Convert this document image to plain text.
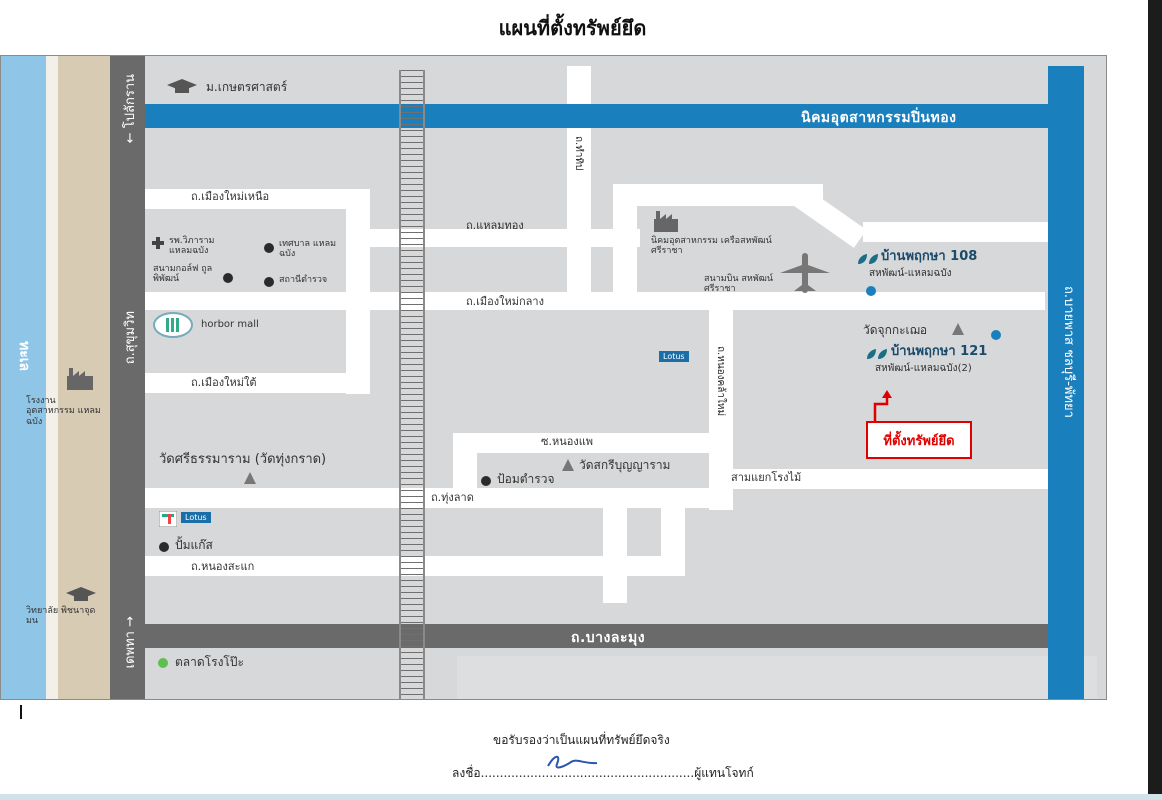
แผนที่ตั้งทรัพย์ยึด
← โปลักราน
ถ.สุขุมวิท
เดพทา →
นิคมอุตสาหกรรมปิ่นทอง
ถ.บายพาส ชลบุรี-พัทยา
ถ.บางละมุง
ถ.เมืองใหม่เหนือ
ถ.แหลมทอง
ถ.เมืองใหม่กลาง
ถ.เมืองใหม่ใต้
ถ.ทำทิป
ถ.หนองคล้าใหม่
ซ.หนองแพ
สามแยกโรงไม้
ถ.ทุ่งลาด
ถ.หนองสะแก
ม.เกษตรศาสตร์
รพ.วิภาราม แหลมฉบัง
เทศบาล แหลมฉบัง
สนามกอล์ฟ ถูลพิพัฒน์	สถานีตำรวจ
horbor mall
โรงงาน อุตสาหกรรม แหลมฉบัง
ทะเล
วัดศรีธรรมาราม (วัดทุ่งกราด)	วัดสกรีบุญญาราม
ป้อมตำรวจ
Lotus
ปั้มแก๊ส
วิทยาลัย พิชนาจุดมน
ตลาดโรงโป๊ะ
นิคมอุตสาหกรรม เครือสหพัฒน์ศรีราชา
สนามบิน สหพัฒน์ศรีราชา
บ้านพฤกษา 108
สหพัฒน์-แหลมฉบัง
วัดจุกกะเฌอ
บ้านพฤกษา 121
สหพัฒน์-แหลมฉบัง(2)
Lotus
ที่ตั้งทรัพย์ยึด
ขอรับรองว่าเป็นแผนที่ทรัพย์ยึดจริง
ลงชื่อ........................................................ผู้แทนโจทก์
